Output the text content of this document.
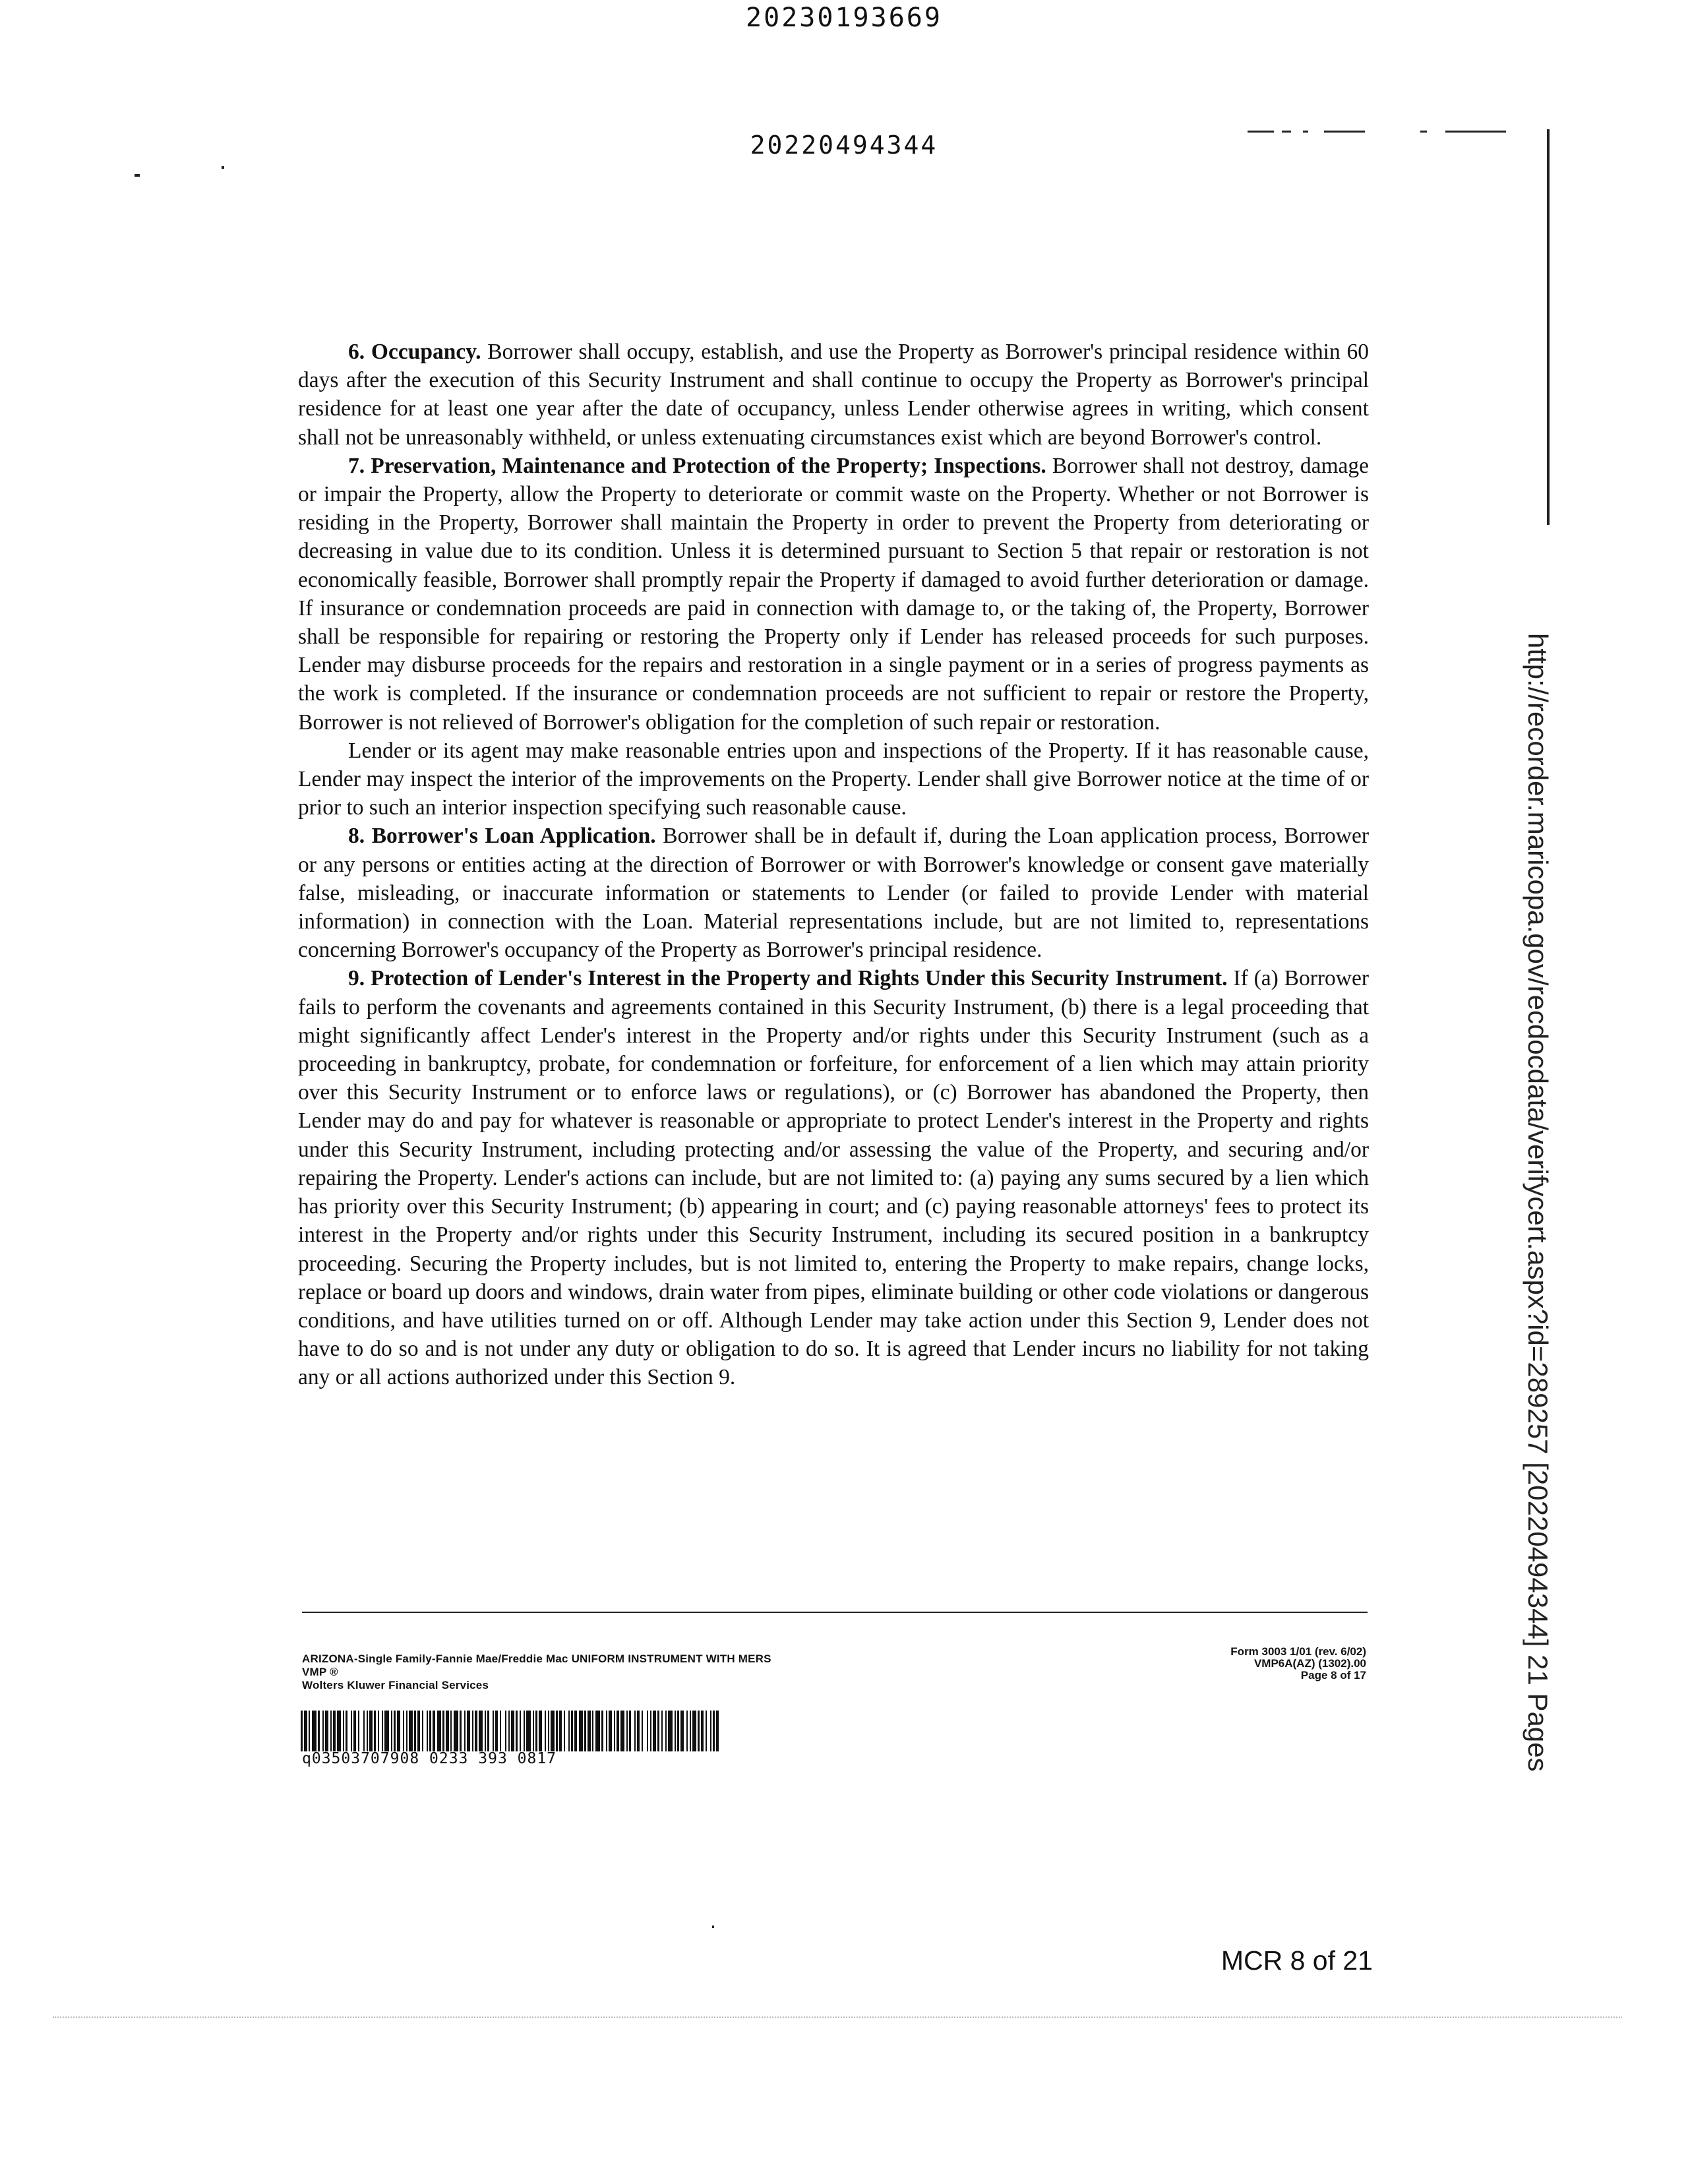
20230193669
20220494344

6. Occupancy. Borrower shall occupy, establish, and use the Property as Borrower's principal residence within 60 days after the execution of this Security Instrument and shall continue to occupy the Property as Borrower's principal residence for at least one year after the date of occupancy, unless Lender otherwise agrees in writing, which consent shall not be unreasonably withheld, or unless extenuating circumstances exist which are beyond Borrower's control.

7. Preservation, Maintenance and Protection of the Property; Inspections. Borrower shall not destroy, damage or impair the Property, allow the Property to deteriorate or commit waste on the Property. Whether or not Borrower is residing in the Property, Borrower shall maintain the Property in order to prevent the Property from deteriorating or decreasing in value due to its condition. Unless it is determined pursuant to Section 5 that repair or restoration is not economically feasible, Borrower shall promptly repair the Property if damaged to avoid further deterioration or damage. If insurance or condemnation proceeds are paid in connection with damage to, or the taking of, the Property, Borrower shall be responsible for repairing or restoring the Property only if Lender has released proceeds for such purposes. Lender may disburse proceeds for the repairs and restoration in a single payment or in a series of progress payments as the work is completed. If the insurance or condemnation proceeds are not sufficient to repair or restore the Property, Borrower is not relieved of Borrower's obligation for the completion of such repair or restoration.

Lender or its agent may make reasonable entries upon and inspections of the Property. If it has reasonable cause, Lender may inspect the interior of the improvements on the Property. Lender shall give Borrower notice at the time of or prior to such an interior inspection specifying such reasonable cause.

8. Borrower's Loan Application. Borrower shall be in default if, during the Loan application process, Borrower or any persons or entities acting at the direction of Borrower or with Borrower's knowledge or consent gave materially false, misleading, or inaccurate information or statements to Lender (or failed to provide Lender with material information) in connection with the Loan. Material representations include, but are not limited to, representations concerning Borrower's occupancy of the Property as Borrower's principal residence.

9. Protection of Lender's Interest in the Property and Rights Under this Security Instrument. If (a) Borrower fails to perform the covenants and agreements contained in this Security Instrument, (b) there is a legal proceeding that might significantly affect Lender's interest in the Property and/or rights under this Security Instrument (such as a proceeding in bankruptcy, probate, for condemnation or forfeiture, for enforcement of a lien which may attain priority over this Security Instrument or to enforce laws or regulations), or (c) Borrower has abandoned the Property, then Lender may do and pay for whatever is reasonable or appropriate to protect Lender's interest in the Property and rights under this Security Instrument, including protecting and/or assessing the value of the Property, and securing and/or repairing the Property. Lender's actions can include, but are not limited to: (a) paying any sums secured by a lien which has priority over this Security Instrument; (b) appearing in court; and (c) paying reasonable attorneys' fees to protect its interest in the Property and/or rights under this Security Instrument, including its secured position in a bankruptcy proceeding. Securing the Property includes, but is not limited to, entering the Property to make repairs, change locks, replace or board up doors and windows, drain water from pipes, eliminate building or other code violations or dangerous conditions, and have utilities turned on or off. Although Lender may take action under this Section 9, Lender does not have to do so and is not under any duty or obligation to do so. It is agreed that Lender incurs no liability for not taking any or all actions authorized under this Section 9.

ARIZONA-Single Family-Fannie Mae/Freddie Mac UNIFORM INSTRUMENT WITH MERS
VMP ®
Wolters Kluwer Financial Services
Form 3003 1/01 (rev. 6/02)
VMP6A(AZ) (1302).00
Page 8 of 17
q03503707908 0233 393 0817	http://recorder.maricopa.gov/recdocdata/verifycert.aspx?id=289257 [20220494344] 21 Pages
MCR 8 of 21
